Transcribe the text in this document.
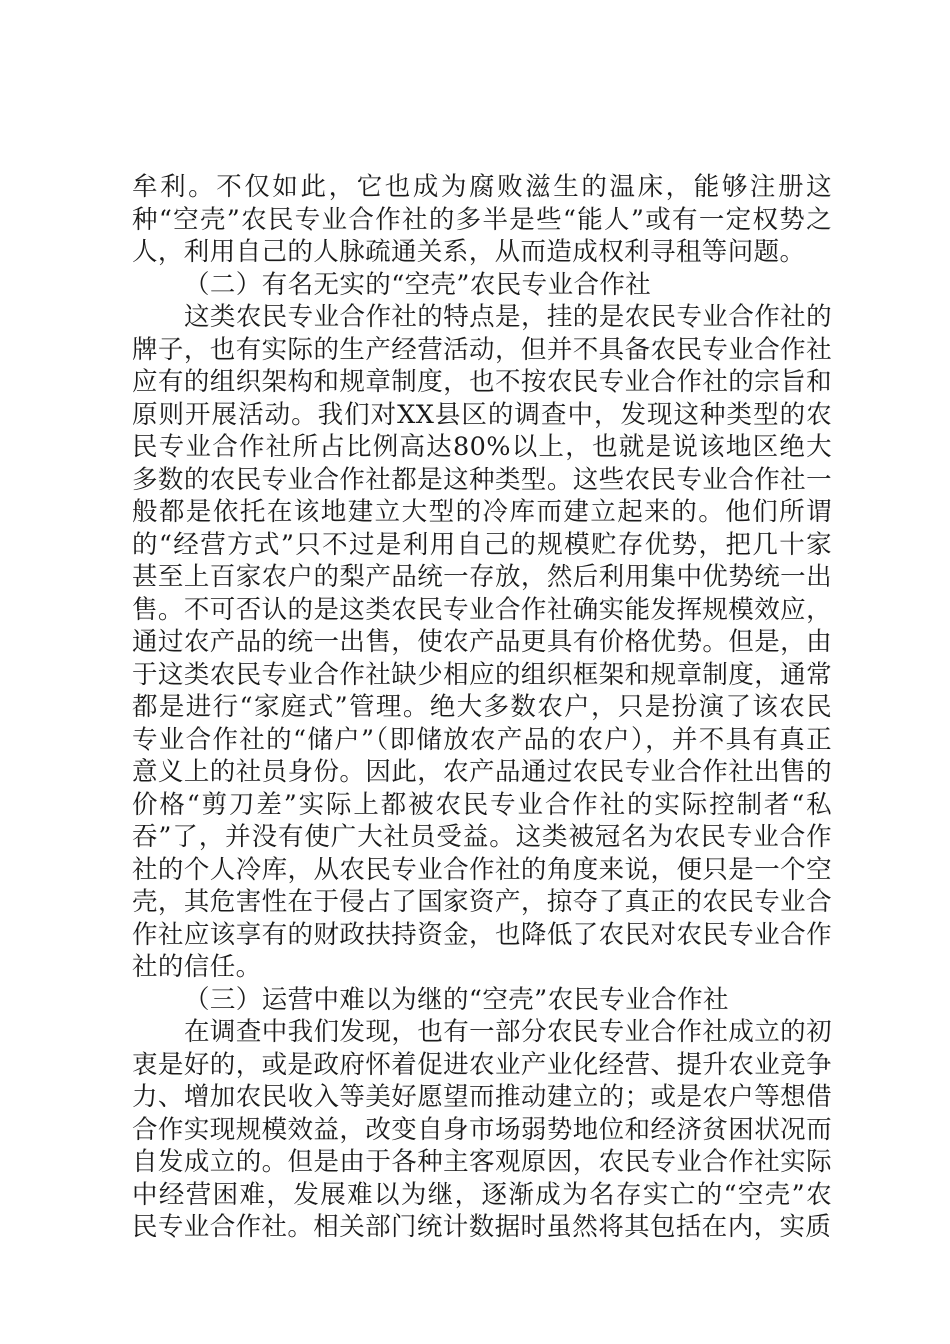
牟利。不仅如此，它也成为腐败滋生的温床，能够注册这种“空壳”农民专业合作社的多半是些“能人”或有一定权势之人，利用自己的人脉疏通关系，从而造成权利寻租等问题。

（二）有名无实的“空壳”农民专业合作社

这类农民专业合作社的特点是，挂的是农民专业合作社的牌子，也有实际的生产经营活动，但并不具备农民专业合作社应有的组织架构和规章制度，也不按农民专业合作社的宗旨和原则开展活动。我们对XX县区的调查中，发现这种类型的农民专业合作社所占比例高达80%以上，也就是说该地区绝大多数的农民专业合作社都是这种类型。这些农民专业合作社一般都是依托在该地建立大型的冷库而建立起来的。他们所谓的“经营方式”只不过是利用自己的规模贮存优势，把几十家甚至上百家农户的梨产品统一存放，然后利用集中优势统一出售。不可否认的是这类农民专业合作社确实能发挥规模效应，通过农产品的统一出售，使农产品更具有价格优势。但是，由于这类农民专业合作社缺少相应的组织框架和规章制度，通常都是进行“家庭式”管理。绝大多数农户，只是扮演了该农民专业合作社的“储户”（即储放农产品的农户），并不具有真正意义上的社员身份。因此，农产品通过农民专业合作社出售的价格“剪刀差”实际上都被农民专业合作社的实际控制者“私吞”了，并没有使广大社员受益。这类被冠名为农民专业合作社的个人冷库，从农民专业合作社的角度来说，便只是一个空壳，其危害性在于侵占了国家资产，掠夺了真正的农民专业合作社应该享有的财政扶持资金，也降低了农民对农民专业合作社的信任。

（三）运营中难以为继的“空壳”农民专业合作社

在调查中我们发现，也有一部分农民专业合作社成立的初衷是好的，或是政府怀着促进农业产业化经营、提升农业竞争力、增加农民收入等美好愿望而推动建立的；或是农户等想借合作实现规模效益，改变自身市场弱势地位和经济贫困状况而自发成立的。但是由于各种主客观原因，农民专业合作社实际中经营困难，发展难以为继，逐渐成为名存实亡的“空壳”农民专业合作社。相关部门统计数据时虽然将其包括在内，实质
